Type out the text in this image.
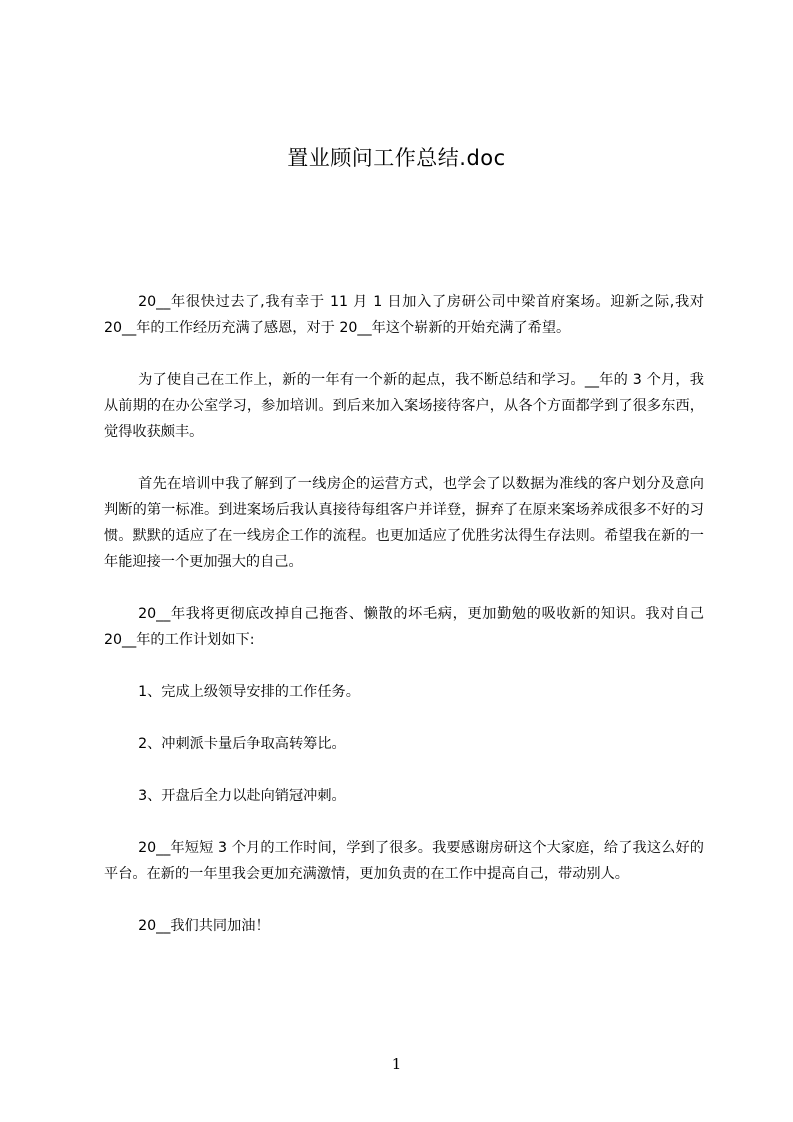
置业顾问工作总结.doc

20__年很快过去了,我有幸于 11 月 1 日加入了房研公司中梁首府案场。迎新之际,我对 20__年的工作经历充满了感恩，对于 20__年这个崭新的开始充满了希望。

为了使自己在工作上，新的一年有一个新的起点，我不断总结和学习。__年的 3 个月，我从前期的在办公室学习，参加培训。到后来加入案场接待客户，从各个方面都学到了很多东西，觉得收获颇丰。

首先在培训中我了解到了一线房企的运营方式，也学会了以数据为准线的客户划分及意向判断的第一标准。到进案场后我认真接待每组客户并详登，摒弃了在原来案场养成很多不好的习惯。默默的适应了在一线房企工作的流程。也更加适应了优胜劣汰得生存法则。希望我在新的一年能迎接一个更加强大的自己。

20__年我将更彻底改掉自己拖沓、懒散的坏毛病，更加勤勉的吸收新的知识。我对自己 20__年的工作计划如下:

1、完成上级领导安排的工作任务。

2、冲刺派卡量后争取高转筹比。

3、开盘后全力以赴向销冠冲刺。

20__年短短 3 个月的工作时间，学到了很多。我要感谢房研这个大家庭，给了我这么好的平台。在新的一年里我会更加充满激情，更加负责的在工作中提高自己，带动别人。

20__我们共同加油！

1
